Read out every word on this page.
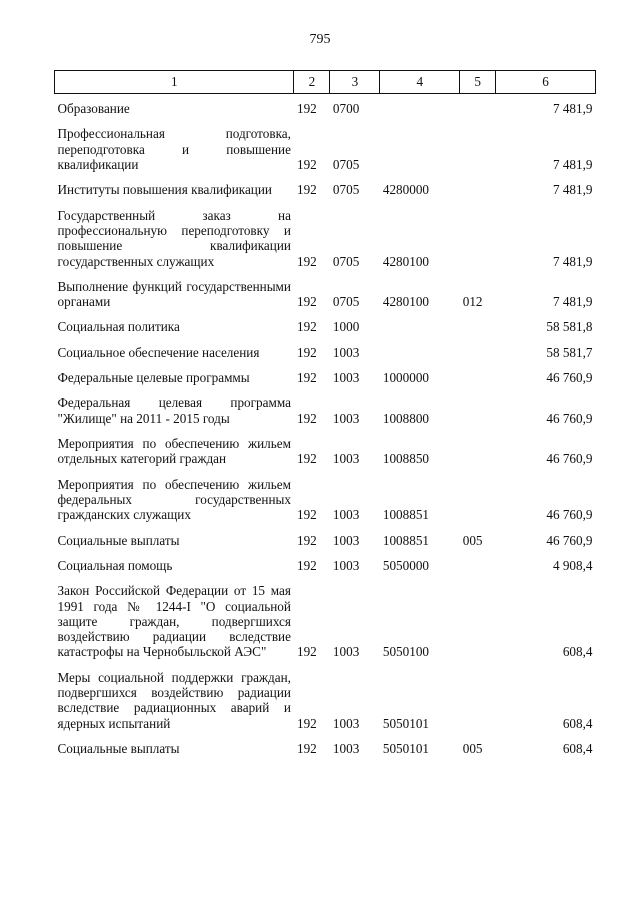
795
1	2	3	4	5	6
Образование	192	0700			7 481,9
Профессиональная подготовка, переподготовка и повышение квалификации	192	0705			7 481,9
Институты повышения квалификации	192	0705	4280000		7 481,9
Государственный заказ на профессиональную переподготовку и повышение квалификации государственных служащих	192	0705	4280100		7 481,9
Выполнение функций государственными органами	192	0705	4280100	012	7 481,9
Социальная политика	192	1000			58 581,8
Социальное обеспечение населения	192	1003			58 581,7
Федеральные целевые программы	192	1003	1000000		46 760,9
Федеральная целевая программа "Жилище" на 2011 - 2015 годы	192	1003	1008800		46 760,9
Мероприятия по обеспечению жильем отдельных категорий граждан	192	1003	1008850		46 760,9
Мероприятия по обеспечению жильем федеральных государственных гражданских служащих	192	1003	1008851		46 760,9
Социальные выплаты	192	1003	1008851	005	46 760,9
Социальная помощь	192	1003	5050000		4 908,4
Закон Российской Федерации от 15 мая 1991 года № 1244-I "О социальной защите граждан, подвергшихся воздействию радиации вследствие катастрофы на Чернобыльской АЭС"	192	1003	5050100		608,4
Меры социальной поддержки граждан, подвергшихся воздействию радиации вследствие радиационных аварий и ядерных испытаний	192	1003	5050101		608,4
Социальные выплаты	192	1003	5050101	005	608,4
